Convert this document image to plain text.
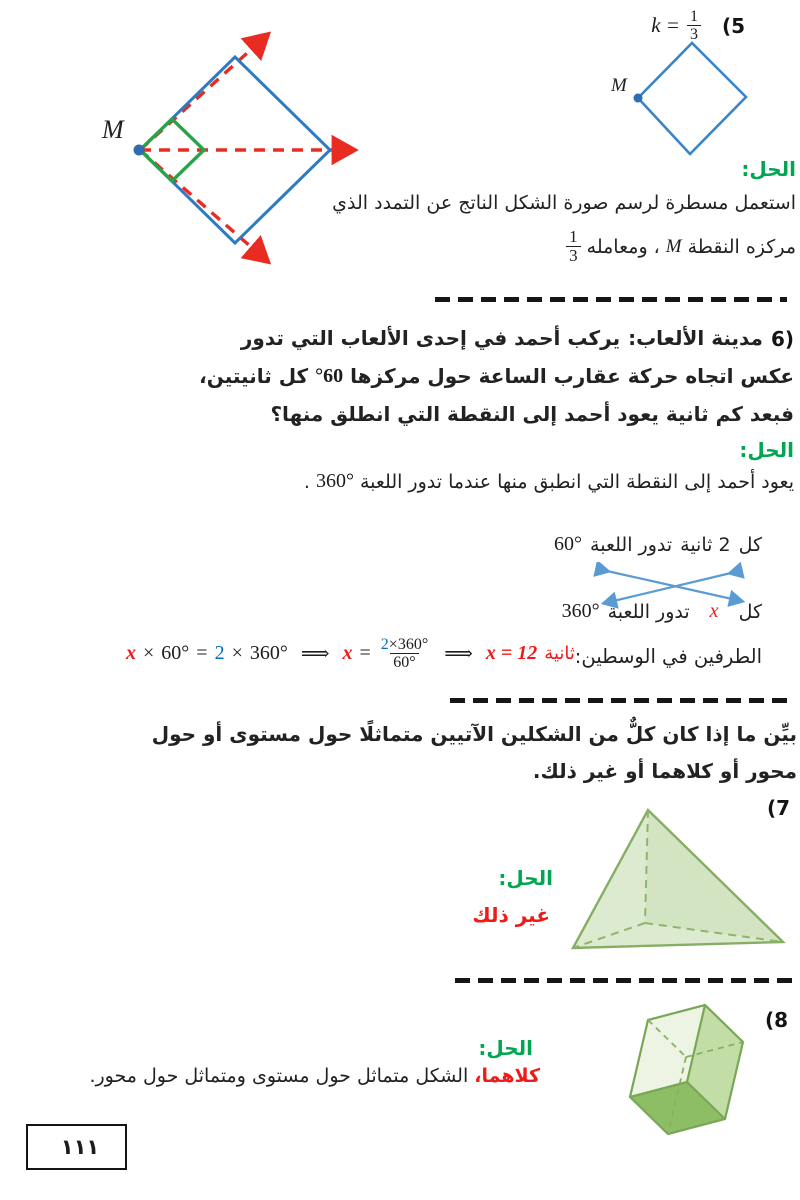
$k = \frac{1}{3} (5$
M
M
الحل:
استعمل مسطرة لرسم صورة الشكل الناتج عن التمدد الذي
مركزه النقطة
M
، ومعامله
$\frac{1}{3}$
6)
مدينة الألعاب:
يركب أحمد في إحدى الألعاب التي تدور
عكس اتجاه حركة عقارب الساعة حول مركزها
°60
كل ثانيتين،
فبعد كم ثانية يعود أحمد إلى النقطة التي انطلق منها؟
الحل:
يعود أحمد إلى النقطة التي انطبق منها عندما تدور اللعبة
360°
.
كل
2 ثانية
تدور اللعبة
60°
كل
x
تدور اللعبة
360°
الطرفين في الوسطين:
x × 60° = 2 × 360° ⟹ $x = \frac{2\times 360^\circ}{60^\circ}$ ⟹ x = 12 ثانية
بيِّن ما إذا كان كلٌّ من الشكلين الآتيين متماثلًا حول مستوى أو حول
محور أو كلاهما أو غير ذلك.
(7
الحل:
غير ذلك
(8
الحل:
كلاهما،
الشكل متماثل حول مستوى ومتماثل حول محور.
١١١
